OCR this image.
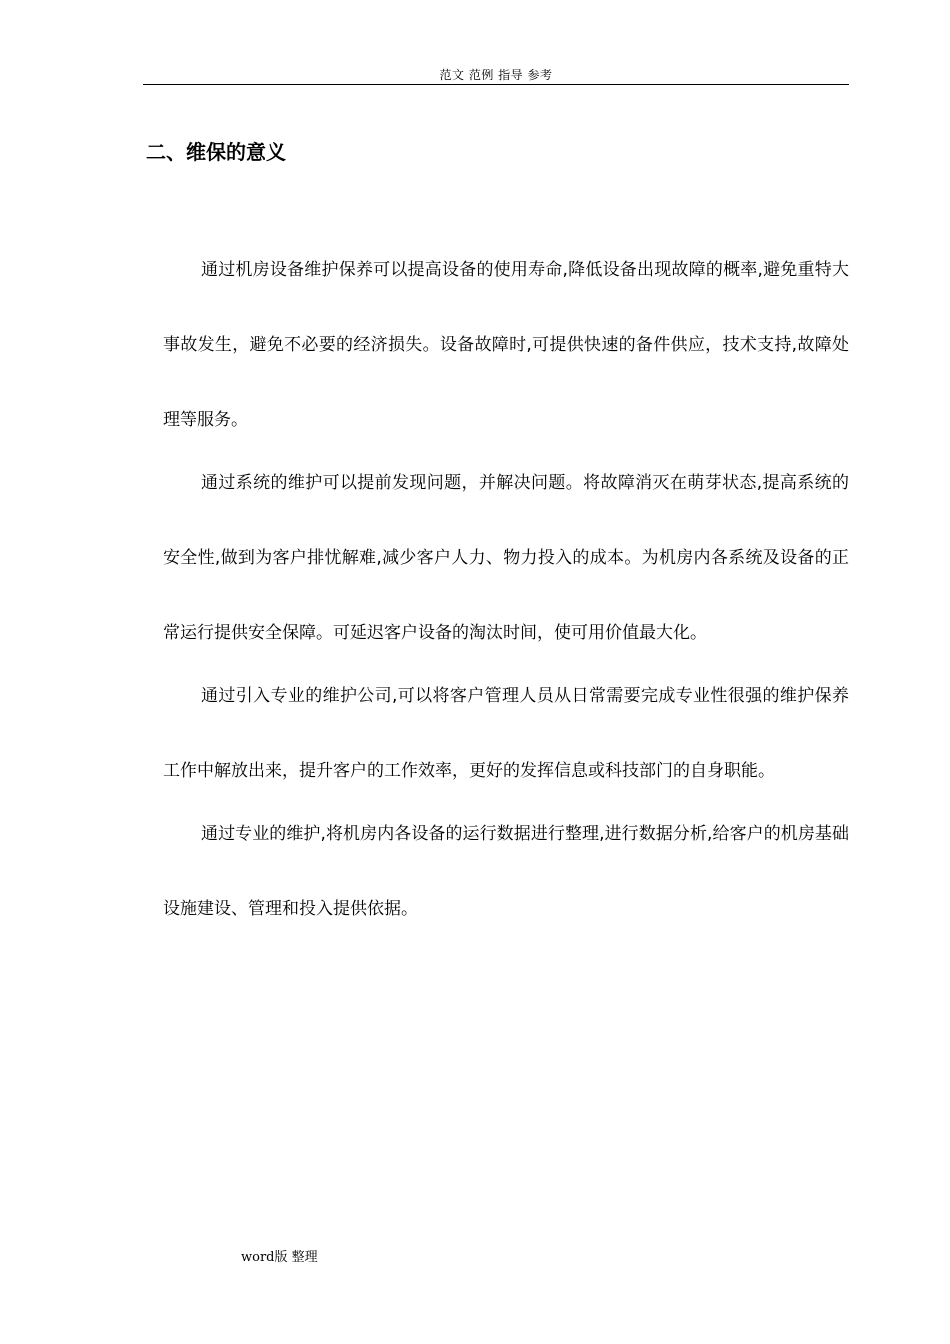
范文 范例 指导 参考
二、维保的意义

通过机房设备维护保养可以提高设备的使用寿命,降低设备出现故障的概率,避免重特大事故发生，避免不必要的经济损失。设备故障时,可提供快速的备件供应，技术支持,故障处理等服务。

通过系统的维护可以提前发现问题，并解决问题。将故障消灭在萌芽状态,提高系统的安全性,做到为客户排忧解难,减少客户人力、物力投入的成本。为机房内各系统及设备的正常运行提供安全保障。可延迟客户设备的淘汰时间，使可用价值最大化。

通过引入专业的维护公司,可以将客户管理人员从日常需要完成专业性很强的维护保养工作中解放出来，提升客户的工作效率，更好的发挥信息或科技部门的自身职能。

通过专业的维护,将机房内各设备的运行数据进行整理,进行数据分析,给客户的机房基础设施建设、管理和投入提供依据。

word版 整理
